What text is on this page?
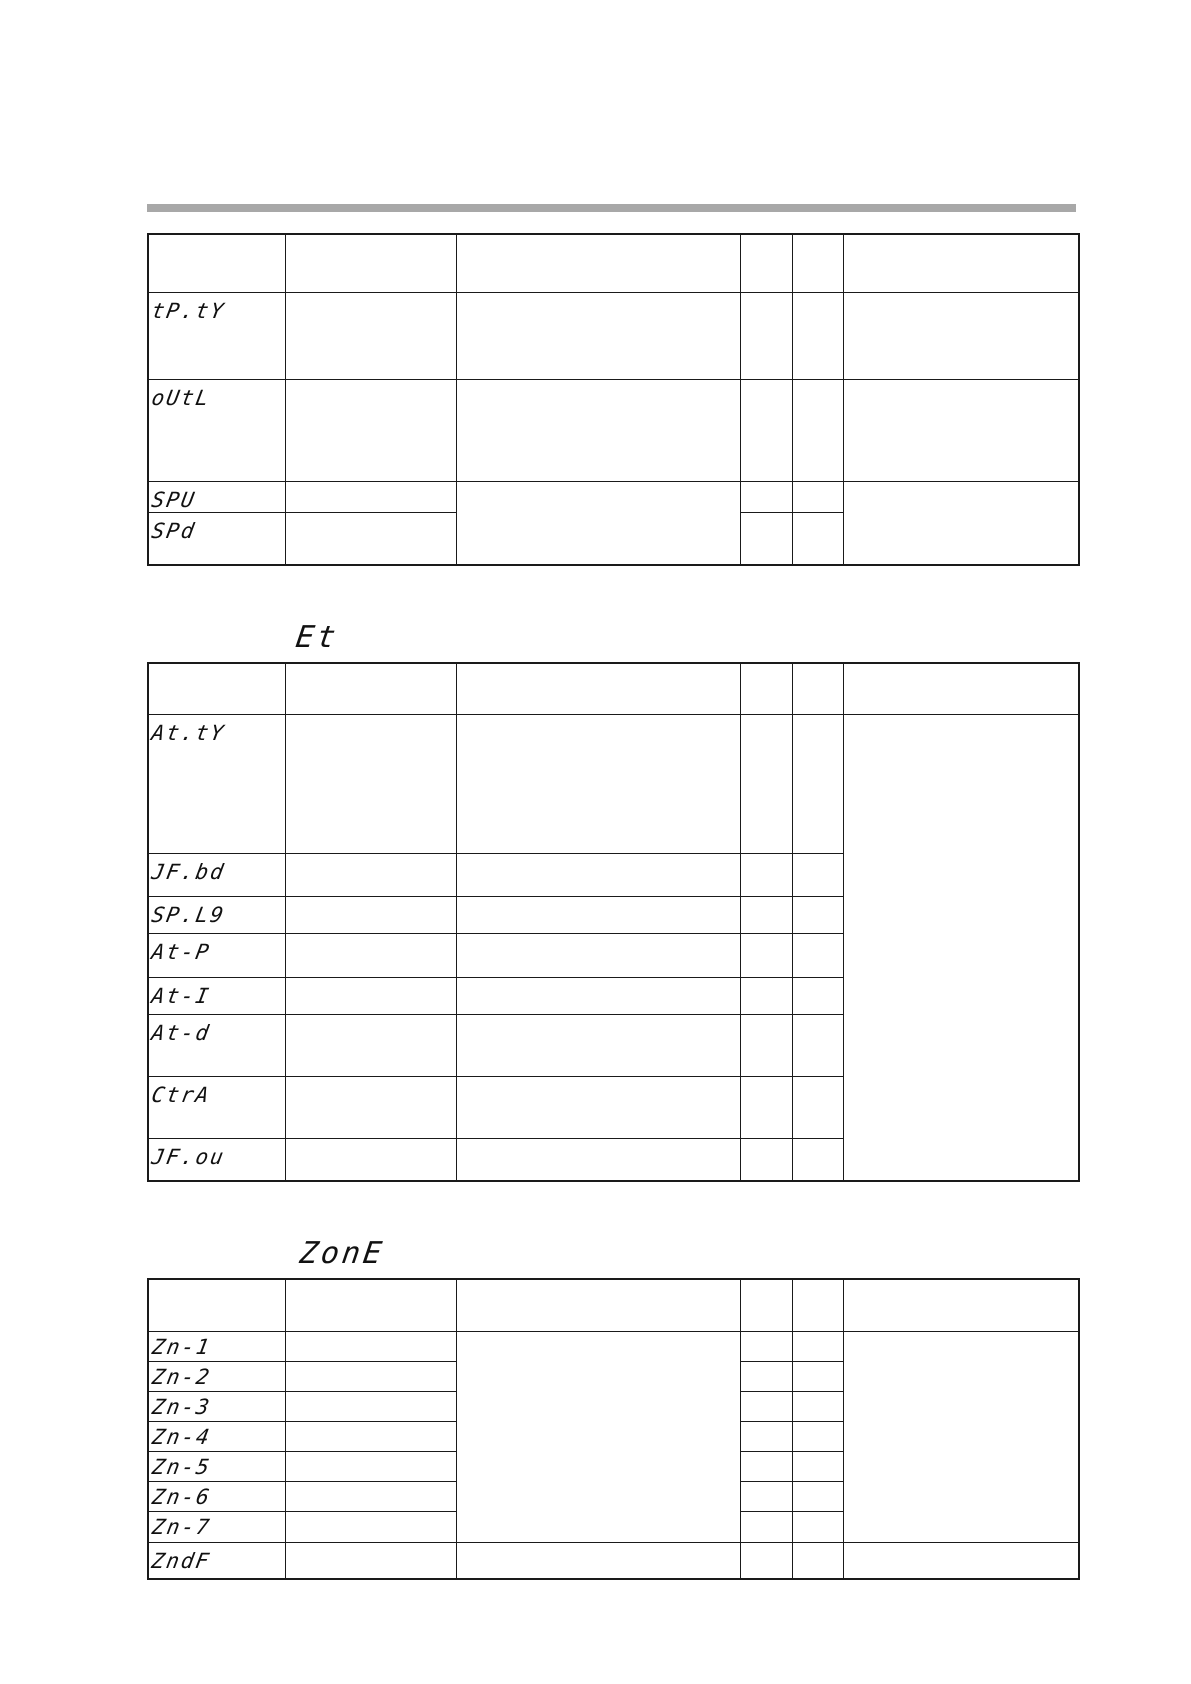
tP.tY					

oUtL					

SPU					

SPd					

Et

At.tY					

JF.bd					

SP.L9					

At-P					

At-I					

At-d					

CtrA					

JF.ou					

ZonE

Zn-1					

Zn-2					

Zn-3					

Zn-4					

Zn-5					

Zn-6					

Zn-7					

ZndF					
